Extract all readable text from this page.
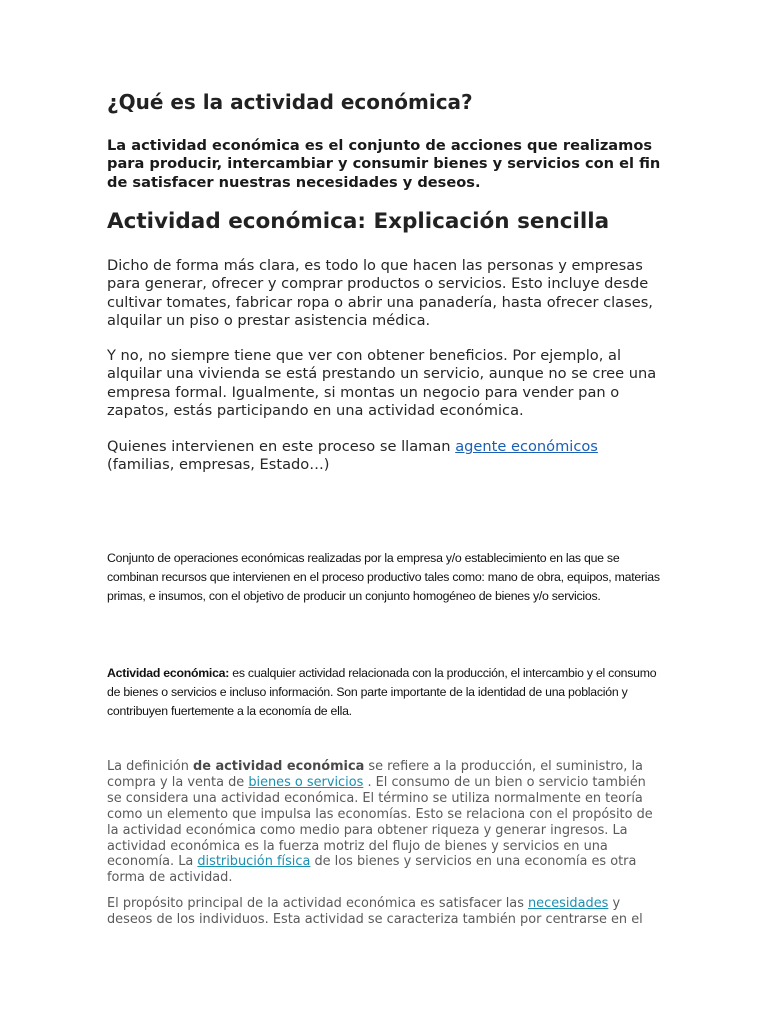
¿Qué es la actividad económica?

La actividad económica es el conjunto de acciones que realizamos para producir, intercambiar y consumir bienes y servicios con el fin de satisfacer nuestras necesidades y deseos.

Actividad económica: Explicación sencilla

Dicho de forma más clara, es todo lo que hacen las personas y empresas para generar, ofrecer y comprar productos o servicios. Esto incluye desde cultivar tomates, fabricar ropa o abrir una panadería, hasta ofrecer clases, alquilar un piso o prestar asistencia médica.

Y no, no siempre tiene que ver con obtener beneficios. Por ejemplo, al alquilar una vivienda se está prestando un servicio, aunque no se cree una empresa formal. Igualmente, si montas un negocio para vender pan o zapatos, estás participando en una actividad económica.

Quienes intervienen en este proceso se llaman agente económicos (familias, empresas, Estado…)

Conjunto de operaciones económicas realizadas por la empresa y/o establecimiento en las que se combinan recursos que intervienen en el proceso productivo tales como: mano de obra, equipos, materias primas, e insumos, con el objetivo de producir un conjunto homogéneo de bienes y/o servicios.

Actividad económica: es cualquier actividad relacionada con la producción, el intercambio y el consumo de bienes o servicios e incluso información. Son parte importante de la identidad de una población y contribuyen fuertemente a la economía de ella.

La definición de actividad económica se refiere a la producción, el suministro, la compra y la venta de bienes o servicios . El consumo de un bien o servicio también se considera una actividad económica. El término se utiliza normalmente en teoría como un elemento que impulsa las economías. Esto se relaciona con el propósito de la actividad económica como medio para obtener riqueza y generar ingresos. La actividad económica es la fuerza motriz del flujo de bienes y servicios en una economía. La distribución física de los bienes y servicios en una economía es otra forma de actividad.

El propósito principal de la actividad económica es satisfacer las necesidades y deseos de los individuos. Esta actividad se caracteriza también por centrarse en el
